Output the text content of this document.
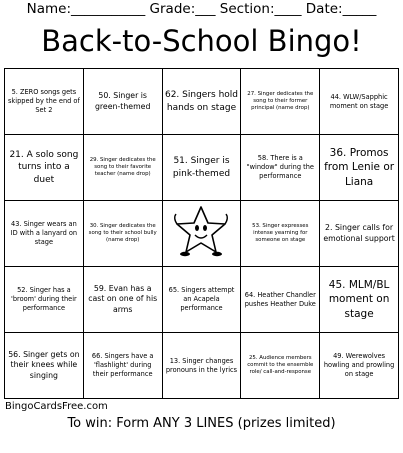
Name:___________ Grade:___ Section:____ Date:_____
Back-to-School Bingo!
5. ZERO songs gets skipped by the end of Set 2
50. Singer is green-themed
62. Singers hold hands on stage
27. Singer dedicates the song to their former principal (name drop)
44. WLW/Sapphic moment on stage
21. A solo song turns into a duet
29. Singer dedicates the song to their favorite teacher (name drop)
51. Singer is pink-themed
58. There is a "window" during the performance
36. Promos from Lenie or Liana
43. Singer wears an ID with a lanyard on stage
30. Singer dedicates the song to their school bully (name drop)
53. Singer expresses intense yearning for someone on stage
2. Singer calls for emotional support
52. Singer has a 'broom' during their performance
59. Evan has a cast on one of his arms
65. Singers attempt an Acapela performance
64. Heather Chandler pushes Heather Duke
45. MLM/BL moment on stage
56. Singer gets on their knees while singing
66. Singers have a 'flashlight' during their performance
13. Singer changes pronouns in the lyrics
25. Audience members commit to the ensemble role/ call-and-response
49. Werewolves howling and prowling on stage
BingoCardsFree.com
To win: Form ANY 3 LINES (prizes limited)
